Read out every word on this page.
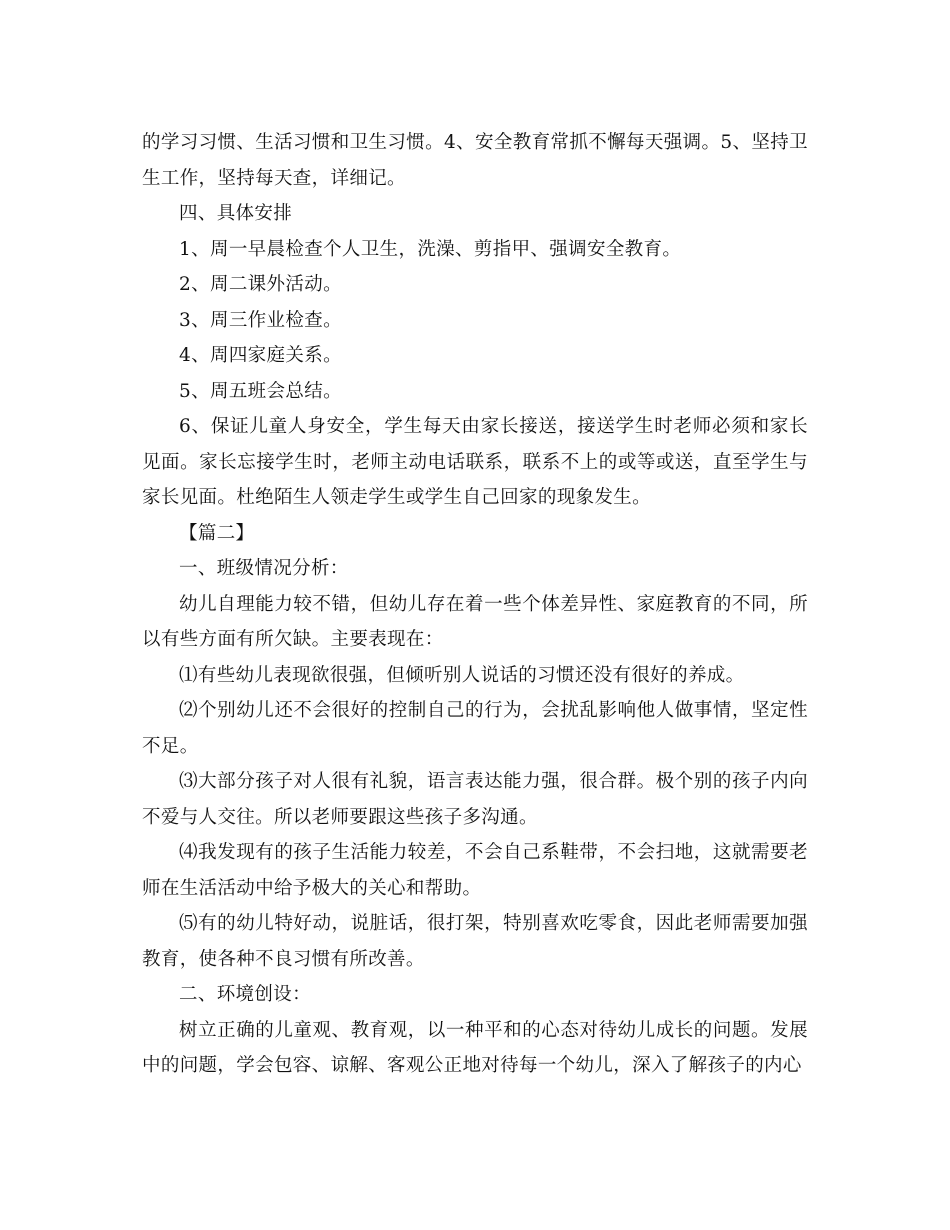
的学习习惯、生活习惯和卫生习惯。4、安全教育常抓不懈每天强调。5、坚持卫生工作，坚持每天查，详细记。

四、具体安排

1、周一早晨检查个人卫生，洗澡、剪指甲、强调安全教育。

2、周二课外活动。

3、周三作业检查。

4、周四家庭关系。

5、周五班会总结。

6、保证儿童人身安全，学生每天由家长接送，接送学生时老师必须和家长见面。家长忘接学生时，老师主动电话联系，联系不上的或等或送，直至学生与家长见面。杜绝陌生人领走学生或学生自己回家的现象发生。

【篇二】

一、班级情况分析：

幼儿自理能力较不错，但幼儿存在着一些个体差异性、家庭教育的不同，所以有些方面有所欠缺。主要表现在：

⑴有些幼儿表现欲很强，但倾听别人说话的习惯还没有很好的养成。

⑵个别幼儿还不会很好的控制自己的行为，会扰乱影响他人做事情，坚定性不足。

⑶大部分孩子对人很有礼貌，语言表达能力强，很合群。极个别的孩子内向不爱与人交往。所以老师要跟这些孩子多沟通。

⑷我发现有的孩子生活能力较差，不会自己系鞋带，不会扫地，这就需要老师在生活活动中给予极大的关心和帮助。

⑸有的幼儿特好动，说脏话，很打架，特别喜欢吃零食，因此老师需要加强教育，使各种不良习惯有所改善。

二、环境创设：

树立正确的儿童观、教育观，以一种平和的心态对待幼儿成长的问题。发展中的问题，学会包容、谅解、客观公正地对待每一个幼儿，深入了解孩子的内心
